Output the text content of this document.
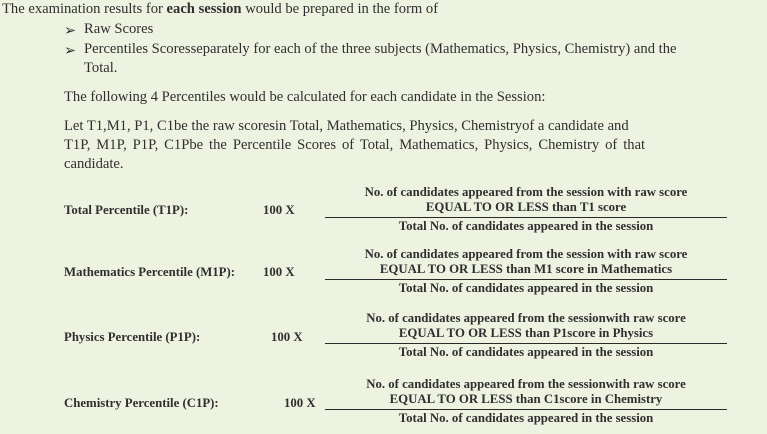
The examination results for each session would be prepared in the form of
➢ Raw Scores
➢ Percentiles Scoresseparately for each of the three subjects (Mathematics, Physics, Chemistry) and the
Total.
The following 4 Percentiles would be calculated for each candidate in the Session:
Let T1,M1, P1, C1be the raw scoresin Total, Mathematics, Physics, Chemistryof a candidate and
T1P, M1P, P1P, C1Pbe the Percentile Scores of Total, Mathematics, Physics, Chemistry of that
candidate.
Total Percentile (T1P):	100 X
No. of candidates appeared from the session with raw score
EQUAL TO OR LESS than T1 score
Total No. of candidates appeared in the session
Mathematics Percentile (M1P): 100 X
No. of candidates appeared from the session with raw score
EQUAL TO OR LESS than M1 score in Mathematics
Total No. of candidates appeared in the session
Physics Percentile (P1P):	100 X
No. of candidates appeared from the sessionwith raw score
EQUAL TO OR LESS than P1score in Physics
Total No. of candidates appeared in the session
Chemistry Percentile (C1P):	100 X
No. of candidates appeared from the sessionwith raw score
EQUAL TO OR LESS than C1score in Chemistry
Total No. of candidates appeared in the session
